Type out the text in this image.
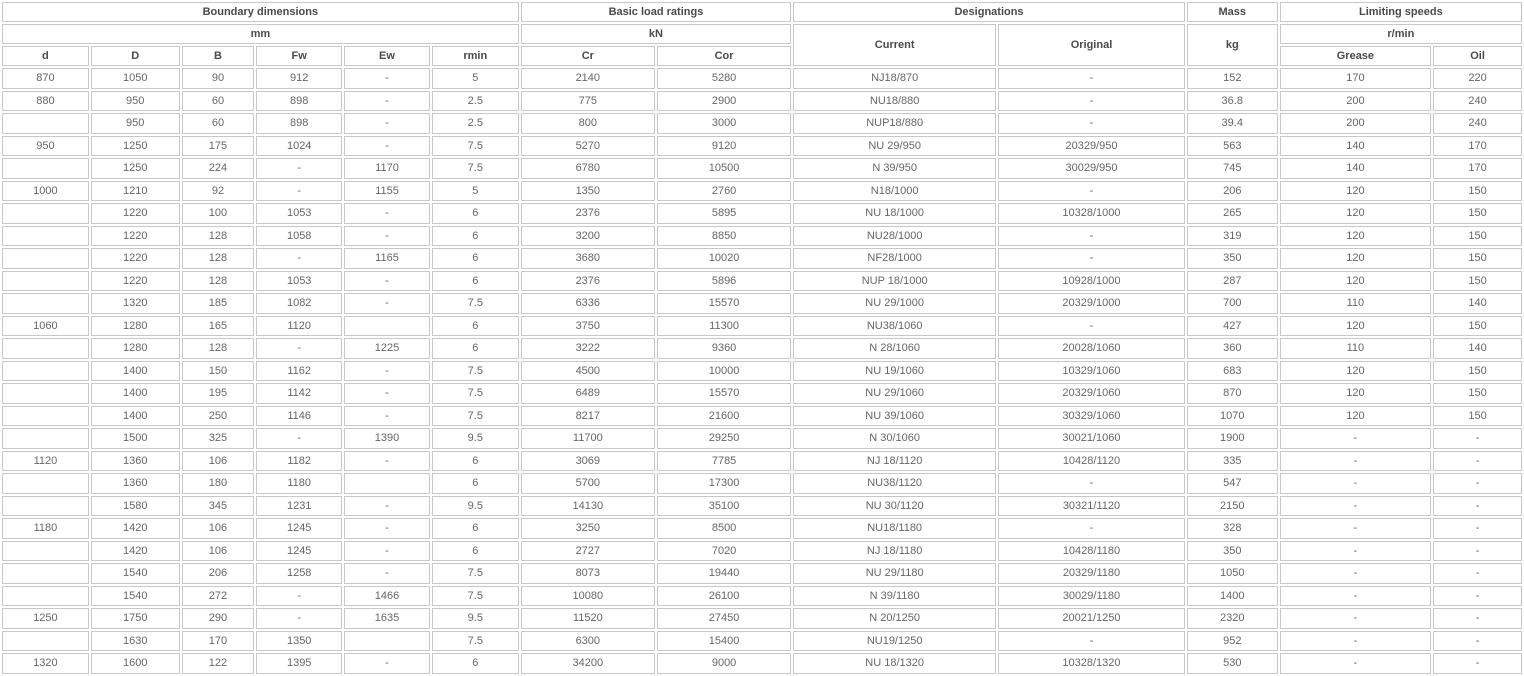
Boundary dimensions						Basic load ratings		Designations		Mass	Limiting speeds	
mm						kN		Current	Original	kg	r/min	
d	D	B	Fw	Ew	rmin	Cr	Cor				Grease	Oil
870	1050	90	912	-	5	2140	5280	NJ18/870	-	152	170	220
880	950	60	898	-	2.5	775	2900	NU18/880	-	36.8	200	240
	950	60	898	-	2.5	800	3000	NUP18/880	-	39.4	200	240
950	1250	175	1024	-	7.5	5270	9120	NU 29/950	20329/950	563	140	170
	1250	224	-	1170	7.5	6780	10500	N 39/950	30029/950	745	140	170
1000	1210	92	-	1155	5	1350	2760	N18/1000	-	206	120	150
	1220	100	1053	-	6	2376	5895	NU 18/1000	10328/1000	265	120	150
	1220	128	1058	-	6	3200	8850	NU28/1000	-	319	120	150
	1220	128	-	1165	6	3680	10020	NF28/1000	-	350	120	150
	1220	128	1053	-	6	2376	5896	NUP 18/1000	10928/1000	287	120	150
	1320	185	1082	-	7.5	6336	15570	NU 29/1000	20329/1000	700	110	140
1060	1280	165	1120		6	3750	11300	NU38/1060	-	427	120	150
	1280	128	-	1225	6	3222	9360	N 28/1060	20028/1060	360	110	140
	1400	150	1162	-	7.5	4500	10000	NU 19/1060	10329/1060	683	120	150
	1400	195	1142	-	7.5	6489	15570	NU 29/1060	20329/1060	870	120	150
	1400	250	1146	-	7.5	8217	21600	NU 39/1060	30329/1060	1070	120	150
	1500	325	-	1390	9.5	11700	29250	N 30/1060	30021/1060	1900	-	-
1120	1360	106	1182	-	6	3069	7785	NJ 18/1120	10428/1120	335	-	-
	1360	180	1180		6	5700	17300	NU38/1120	-	547	-	-
	1580	345	1231	-	9.5	14130	35100	NU 30/1120	30321/1120	2150	-	-
1180	1420	106	1245	-	6	3250	8500	NU18/1180	-	328	-	-
	1420	106	1245	-	6	2727	7020	NJ 18/1180	10428/1180	350	-	-
	1540	206	1258	-	7.5	8073	19440	NU 29/1180	20329/1180	1050	-	-
	1540	272	-	1466	7.5	10080	26100	N 39/1180	30029/1180	1400	-	-
1250	1750	290	-	1635	9.5	11520	27450	N 20/1250	20021/1250	2320	-	-
	1630	170	1350		7.5	6300	15400	NU19/1250	-	952	-	-
1320	1600	122	1395	-	6	34200	9000	NU 18/1320	10328/1320	530	-	-
